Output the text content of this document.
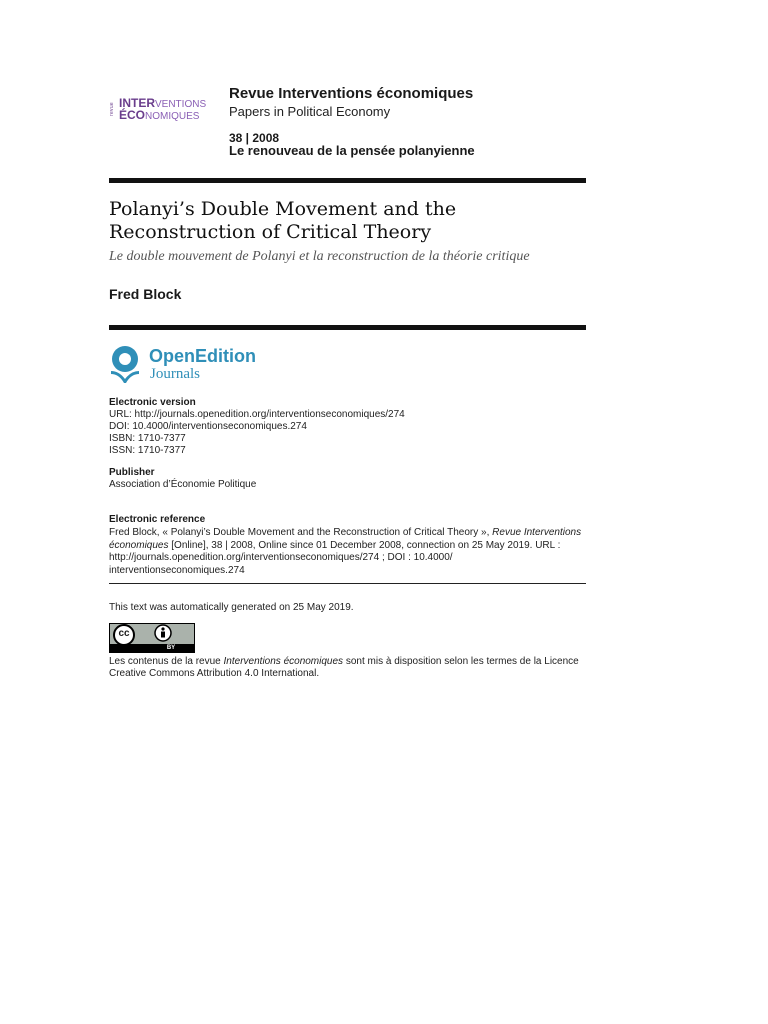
revue INTERVENTIONS
ÉCONOMIQUES
Revue Interventions économiques
Papers in Political Economy
38 | 2008
Le renouveau de la pensée polanyienne
Polanyi’s Double Movement and the
Reconstruction of Critical Theory
Le double mouvement de Polanyi et la reconstruction de la théorie critique
Fred Block
OpenEdition
Journals
Electronic version
URL: http://journals.openedition.org/interventionseconomiques/274
DOI: 10.4000/interventionseconomiques.274
ISBN: 1710-7377
ISSN: 1710-7377
Publisher
Association d’Économie Politique
Electronic reference
Fred Block, « Polanyi’s Double Movement and the Reconstruction of Critical Theory », Revue Interventions économiques [Online], 38 | 2008, Online since 01 December 2008, connection on 25 May 2019. URL : http://journals.openedition.org/interventionseconomiques/274 ; DOI : 10.4000/ interventionseconomiques.274
This text was automatically generated on 25 May 2019.
cc
BY
Les contenus de la revue Interventions économiques sont mis à disposition selon les termes de la Licence Creative Commons Attribution 4.0 International.
